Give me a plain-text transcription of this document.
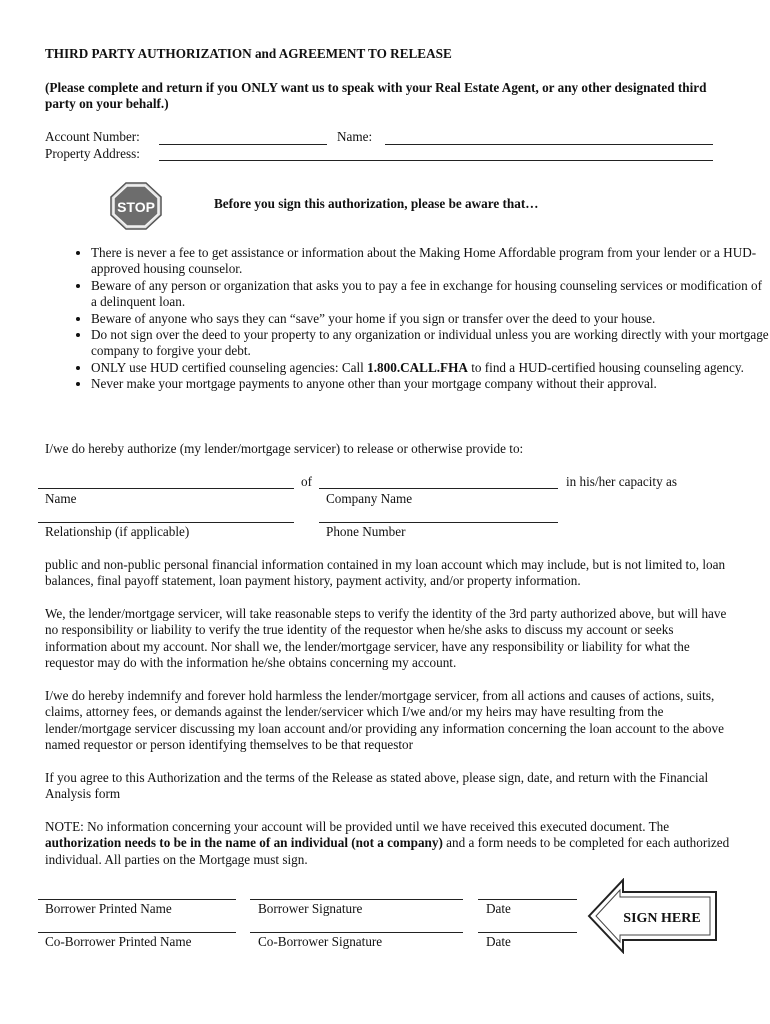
THIRD PARTY AUTHORIZATION and AGREEMENT TO RELEASE

(Please complete and return if you ONLY want us to speak with your Real Estate Agent, or any other designated third party on your behalf.)

Account Number:	Name:
Property Address:
STOP	Before you sign this authorization, please be aware that…
• There is never a fee to get assistance or information about the Making Home Affordable program from your lender or a HUD-approved housing counselor.
• Beware of any person or organization that asks you to pay a fee in exchange for housing counseling services or modification of a delinquent loan.
• Beware of anyone who says they can “save” your home if you sign or transfer over the deed to your house.
• Do not sign over the deed to your property to any organization or individual unless you are working directly with your mortgage company to forgive your debt.
• ONLY use HUD certified counseling agencies: Call 1.800.CALL.FHA to find a HUD-certified housing counseling agency.
• Never make your mortgage payments to anyone other than your mortgage company without their approval.
I/we do hereby authorize (my lender/mortgage servicer) to release or otherwise provide to:
of	in his/her capacity as
Name	Company Name
Relationship (if applicable)	Phone Number

public and non-public personal financial information contained in my loan account which may include, but is not limited to, loan balances, final payoff statement, loan payment history, payment activity, and/or property information.

We, the lender/mortgage servicer, will take reasonable steps to verify the identity of the 3rd party authorized above, but will have no responsibility or liability to verify the true identity of the requestor when he/she asks to discuss my account or seeks information about my account. Nor shall we, the lender/mortgage servicer, have any responsibility or liability for what the requestor may do with the information he/she obtains concerning my account.

I/we do hereby indemnify and forever hold harmless the lender/mortgage servicer, from all actions and causes of actions, suits, claims, attorney fees, or demands against the lender/servicer which I/we and/or my heirs may have resulting from the lender/mortgage servicer discussing my loan account and/or providing any information concerning the loan account to the above named requestor or person identifying themselves to be that requestor

If you agree to this Authorization and the terms of the Release as stated above, please sign, date, and return with the Financial Analysis form

NOTE: No information concerning your account will be provided until we have received this executed document. The authorization needs to be in the name of an individual (not a company) and a form needs to be completed for each authorized individual. All parties on the Mortgage must sign.

Borrower Printed Name	Borrower Signature	Date
Co-Borrower Printed Name	Co-Borrower Signature	Date
SIGN HERE
